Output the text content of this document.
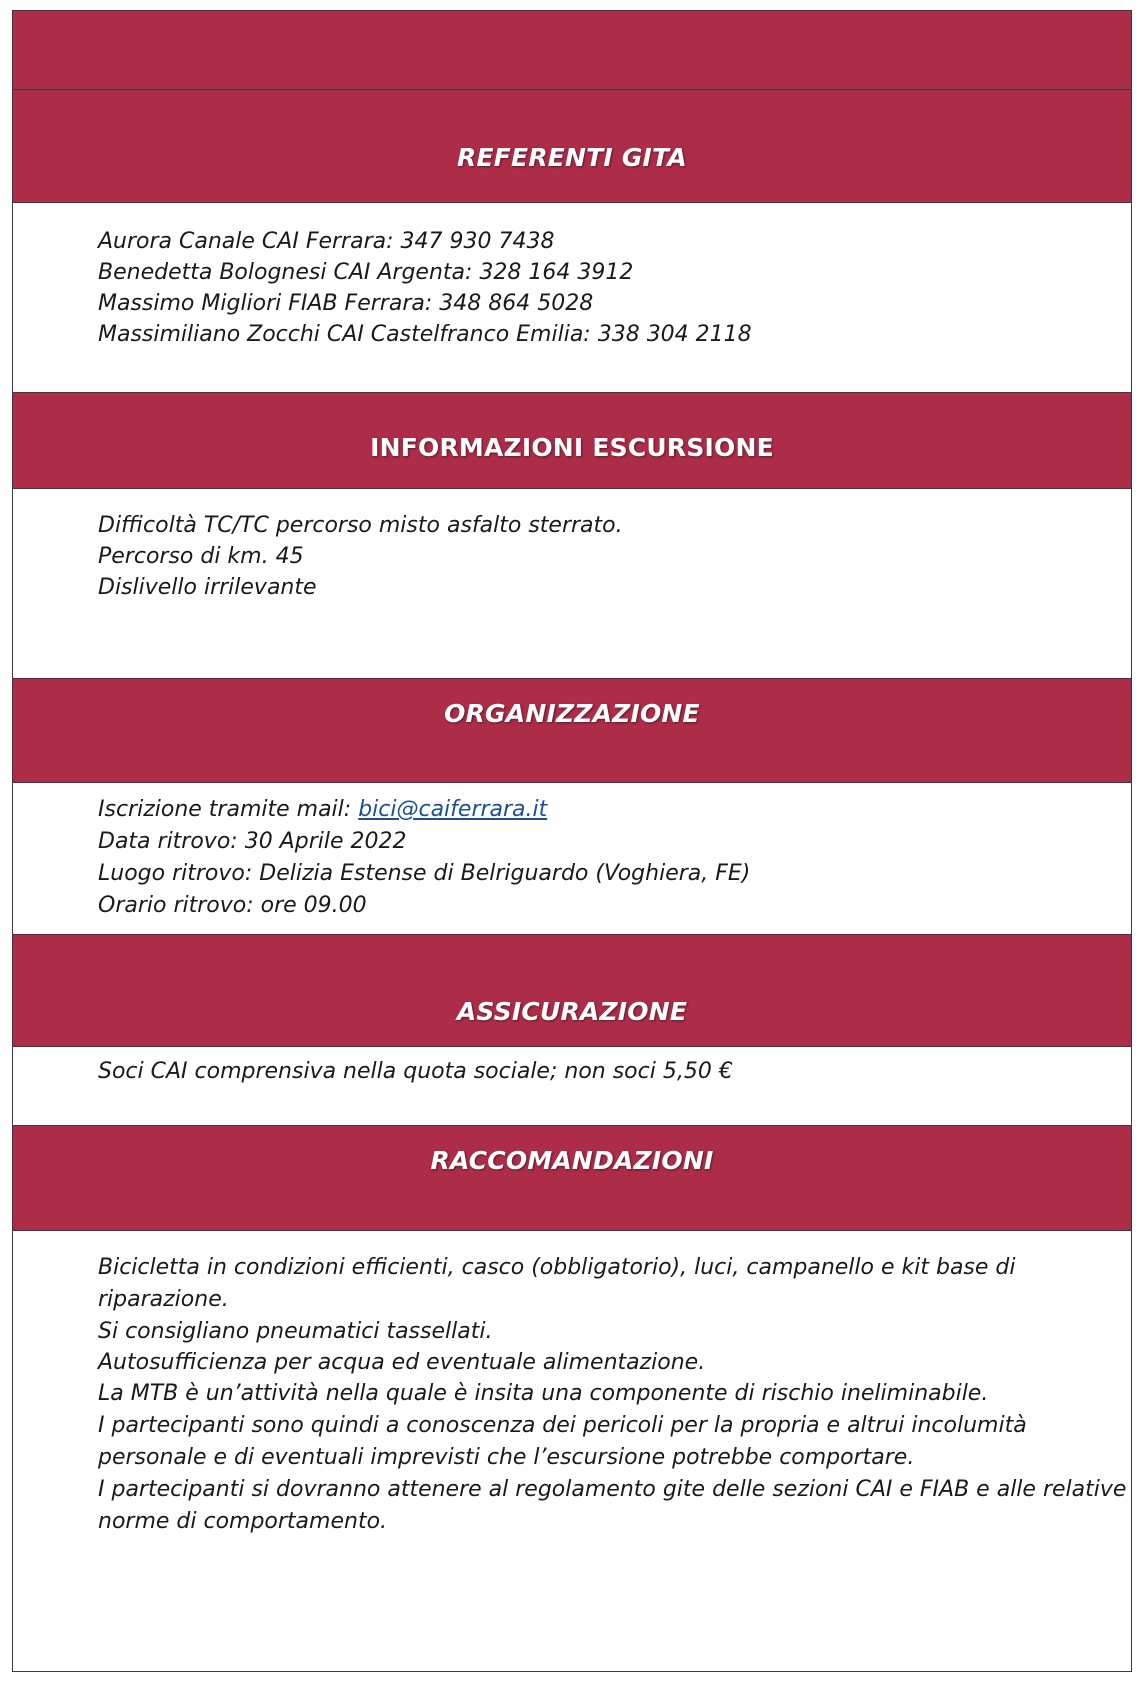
REFERENTI GITA
Aurora Canale CAI Ferrara: 347 930 7438
Benedetta Bolognesi CAI Argenta: 328 164 3912
Massimo Migliori FIAB Ferrara: 348 864 5028
Massimiliano Zocchi CAI Castelfranco Emilia: 338 304 2118
INFORMAZIONI ESCURSIONE
Difficoltà TC/TC percorso misto asfalto sterrato.
Percorso di km. 45
Dislivello irrilevante
ORGANIZZAZIONE
Iscrizione tramite mail: bici@caiferrara.it
Data ritrovo: 30 Aprile 2022
Luogo ritrovo: Delizia Estense di Belriguardo (Voghiera, FE)
Orario ritrovo: ore 09.00
ASSICURAZIONE
Soci CAI comprensiva nella quota sociale; non soci 5,50 €
RACCOMANDAZIONI
Bicicletta in condizioni efficienti, casco (obbligatorio), luci, campanello e kit base di
riparazione.
Si consigliano pneumatici tassellati.
Autosufficienza per acqua ed eventuale alimentazione.
La MTB è un’attività nella quale è insita una componente di rischio ineliminabile.
I partecipanti sono quindi a conoscenza dei pericoli per la propria e altrui incolumità
personale e di eventuali imprevisti che l’escursione potrebbe comportare.
I partecipanti si dovranno attenere al regolamento gite delle sezioni CAI e FIAB e alle relative
norme di comportamento.
